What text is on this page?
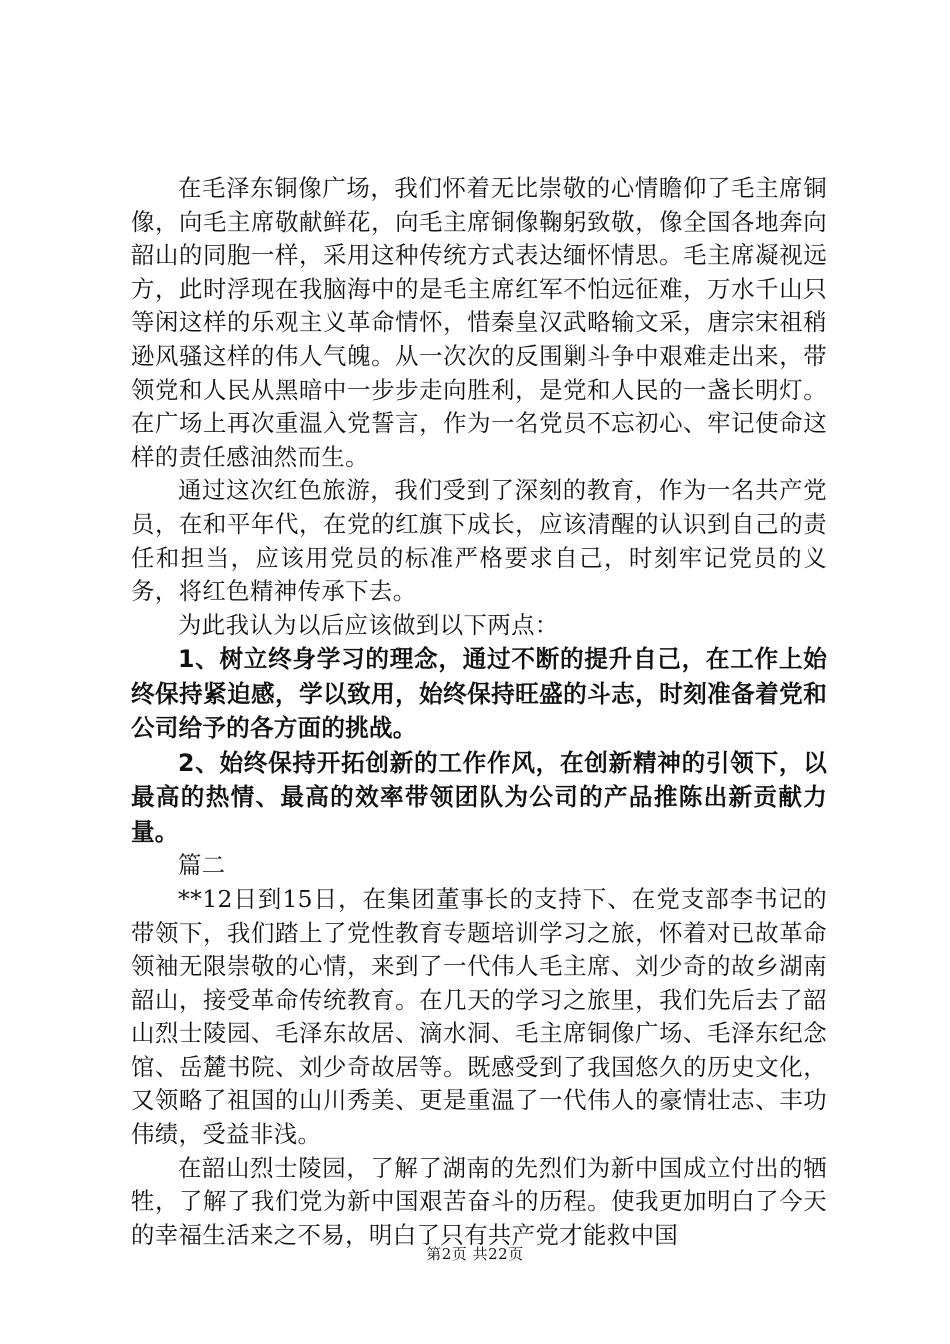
在毛泽东铜像广场，我们怀着无比崇敬的心情瞻仰了毛主席铜像，向毛主席敬献鲜花，向毛主席铜像鞠躬致敬，像全国各地奔向韶山的同胞一样，采用这种传统方式表达缅怀情思。毛主席凝视远方，此时浮现在我脑海中的是毛主席红军不怕远征难，万水千山只等闲这样的乐观主义革命情怀，惜秦皇汉武略输文采，唐宗宋祖稍逊风骚这样的伟人气魄。从一次次的反围剿斗争中艰难走出来，带领党和人民从黑暗中一步步走向胜利，是党和人民的一盏长明灯。在广场上再次重温入党誓言，作为一名党员不忘初心、牢记使命这样的责任感油然而生。

通过这次红色旅游，我们受到了深刻的教育，作为一名共产党员，在和平年代，在党的红旗下成长，应该清醒的认识到自己的责任和担当，应该用党员的标准严格要求自己，时刻牢记党员的义务，将红色精神传承下去。

为此我认为以后应该做到以下两点：

1、树立终身学习的理念，通过不断的提升自己，在工作上始终保持紧迫感，学以致用，始终保持旺盛的斗志，时刻准备着党和公司给予的各方面的挑战。

2、始终保持开拓创新的工作作风，在创新精神的引领下，以最高的热情、最高的效率带领团队为公司的产品推陈出新贡献力量。

篇二

**12日到15日，在集团董事长的支持下、在党支部李书记的带领下，我们踏上了党性教育专题培训学习之旅，怀着对已故革命领袖无限崇敬的心情，来到了一代伟人毛主席、刘少奇的故乡湖南韶山，接受革命传统教育。在几天的学习之旅里，我们先后去了韶山烈士陵园、毛泽东故居、滴水洞、毛主席铜像广场、毛泽东纪念馆、岳麓书院、刘少奇故居等。既感受到了我国悠久的历史文化，又领略了祖国的山川秀美、更是重温了一代伟人的豪情壮志、丰功伟绩，受益非浅。

在韶山烈士陵园，了解了湖南的先烈们为新中国成立付出的牺牲，了解了我们党为新中国艰苦奋斗的历程。使我更加明白了今天的幸福生活来之不易，明白了只有共产党才能救中国

第2页 共22页
